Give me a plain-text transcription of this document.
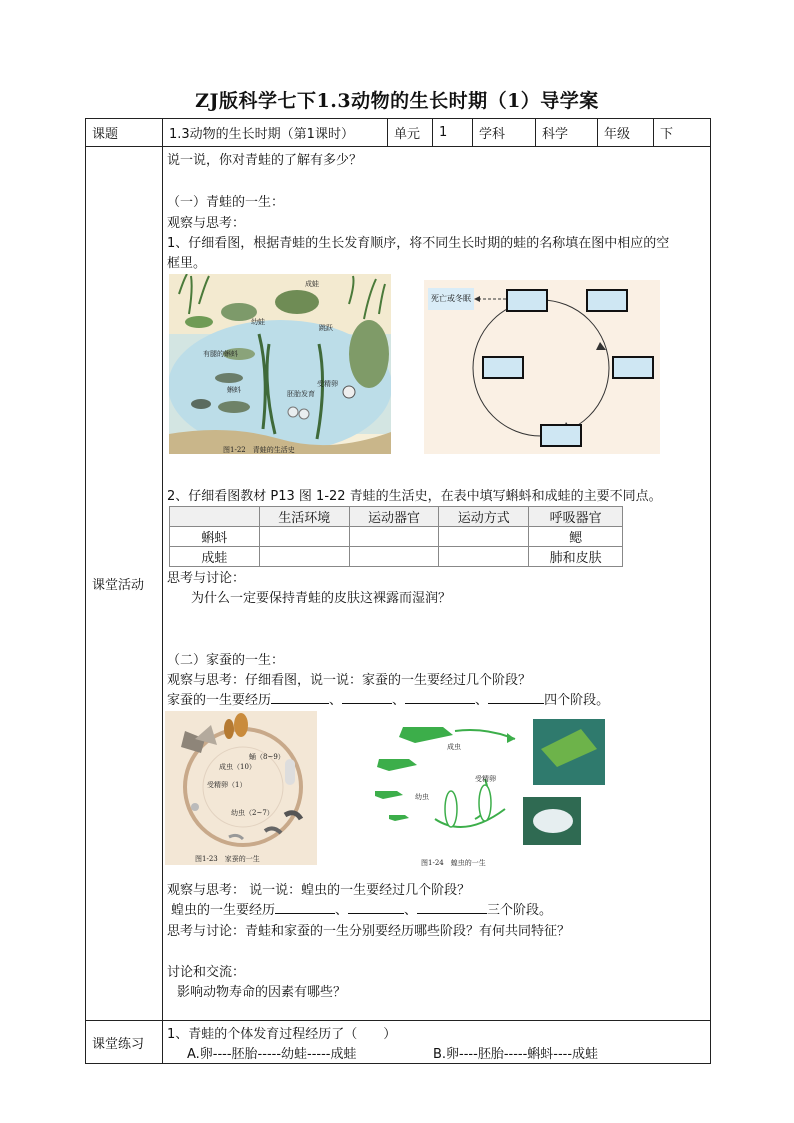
ZJ版科学七下1.3动物的生长时期（1）导学案
课题	1.3动物的生长时期（第1课时）	单元	1	学科	科学	年级	下
课堂活动	
说一说，你对青蛙的了解有多少？
（一）青蛙的一生：
观察与思考：
1、仔细看图，根据青蛙的生长发育顺序，将不同生长时期的蛙的名称填在图中相应的空
框里。
成蛙
幼蛙
跳跃
有腿的蝌蚪
蝌蚪
受精卵
胚胎发育
图1-22　青蛙的生活史
死亡或冬眠
2、仔细看图教材 P13 图 1-22 青蛙的生活史，在表中填写蝌蚪和成蛙的主要不同点。
	生活环境	运动器官	运动方式	呼吸器官
蝌蚪				鳃
成蛙				肺和皮肤
思考与讨论：
为什么一定要保持青蛙的皮肤这裸露而湿润？
（二）家蚕的一生：
观察与思考：仔细看图，说一说：家蚕的一生要经过几个阶段？
家蚕的一生要经历	、	、	、	四个阶段。
蛹（8~9）
成虫（10）
受精卵（1）
幼虫（2~7）
图1-23　家蚕的一生
成虫
幼虫
受精卵
图1-24　蝗虫的一生
观察与思考： 说一说：蝗虫的一生要经过几个阶段？
蝗虫的一生要经历	、	、	三个阶段。
思考与讨论：青蛙和家蚕的一生分别要经历哪些阶段？有何共同特征？
讨论和交流：
影响动物寿命的因素有哪些？

课堂练习	
1、青蛙的个体发育过程经历了（　　）
A.卵----胚胎-----幼蛙-----成蛙	B.卵----胚胎-----蝌蚪----成蛙
